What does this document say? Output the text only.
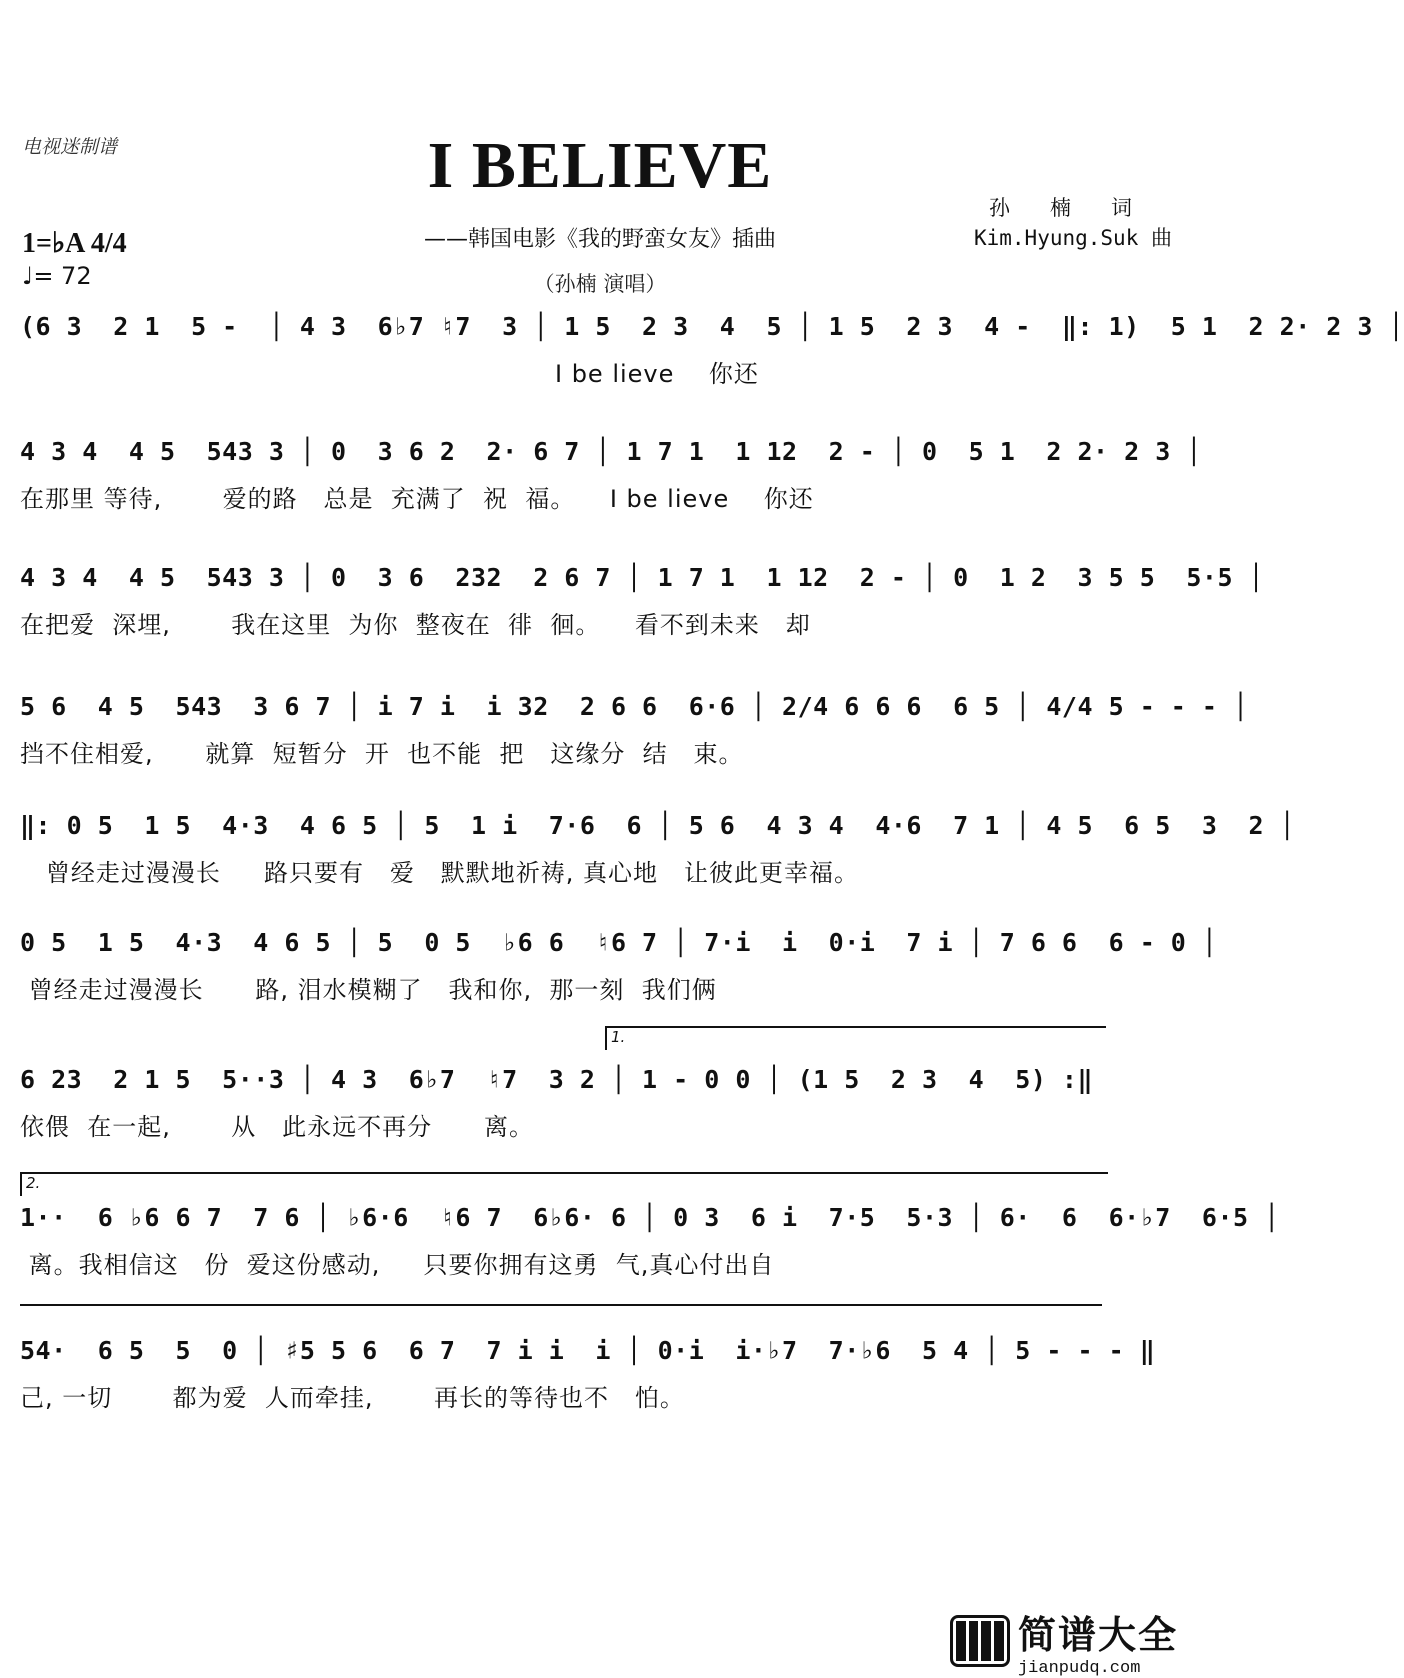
电视迷制谱	I BELIEVE
——韩国电影《我的野蛮女友》插曲
（孙楠 演唱）
孙楠词
Kim.Hyung.Suk 曲
1=♭A 4/4
♩= 72
(6 3  2 1  5 -  │ 4 3  6♭7 ♮7  3 │ 1 5  2 3  4  5 │ 1 5  2 3  4 -  ‖: 1)  5 1  2 2· 2 3 │
I be lieve    你还
4 3 4  4 5  543 3 │ 0  3 6 2  2· 6 7 │ 1 7 1  1 12  2 - │ 0  5 1  2 2· 2 3 │
在那里 等待,       爱的路   总是  充满了  祝  福。    I be lieve    你还
4 3 4  4 5  543 3 │ 0  3 6  232  2 6 7 │ 1 7 1  1 12  2 - │ 0  1 2  3 5 5  5·5 │
在把爱  深埋,       我在这里  为你  整夜在  徘  徊。    看不到未来   却
5 6  4 5  543  3 6 7 │ i 7 i  i 32  2 6 6  6·6 │ 2/4 6 6 6  6 5 │ 4/4 5 - - - │
挡不住相爱,      就算  短暂分  开  也不能  把   这缘分  结   束。
‖: 0 5  1 5  4·3  4 6 5 │ 5  1 i  7·6  6 │ 5 6  4 3 4  4·6  7 1 │ 4 5  6 5  3  2 │
曾经走过漫漫长     路只要有   爱   默默地祈祷, 真心地   让彼此更幸福。
0 5  1 5  4·3  4 6 5 │ 5  0 5  ♭6 6  ♮6 7 │ 7·i  i  0·i  7 i │ 7 6 6  6 - 0 │
曾经走过漫漫长      路, 泪水模糊了   我和你,  那一刻  我们俩
1.
6 23  2 1 5  5··3 │ 4 3  6♭7  ♮7  3 2 │ 1 - 0 0 │ (1 5  2 3  4  5) :‖
依偎  在一起,       从   此永远不再分      离。
2.
1··  6 ♭6 6 7  7 6 │ ♭6·6  ♮6 7  6♭6· 6 │ 0 3  6 i  7·5  5·3 │ 6·  6  6·♭7  6·5 │
离。我相信这   份  爱这份感动,     只要你拥有这勇  气,真心付出自
54·  6 5  5  0 │ ♯5 5 6  6 7  7 i i  i │ 0·i  i·♭7  7·♭6  5 4 │ 5 - - - ‖
己, 一切       都为爱  人而牵挂,       再长的等待也不   怕。
简谱大全
jianpudq.com
